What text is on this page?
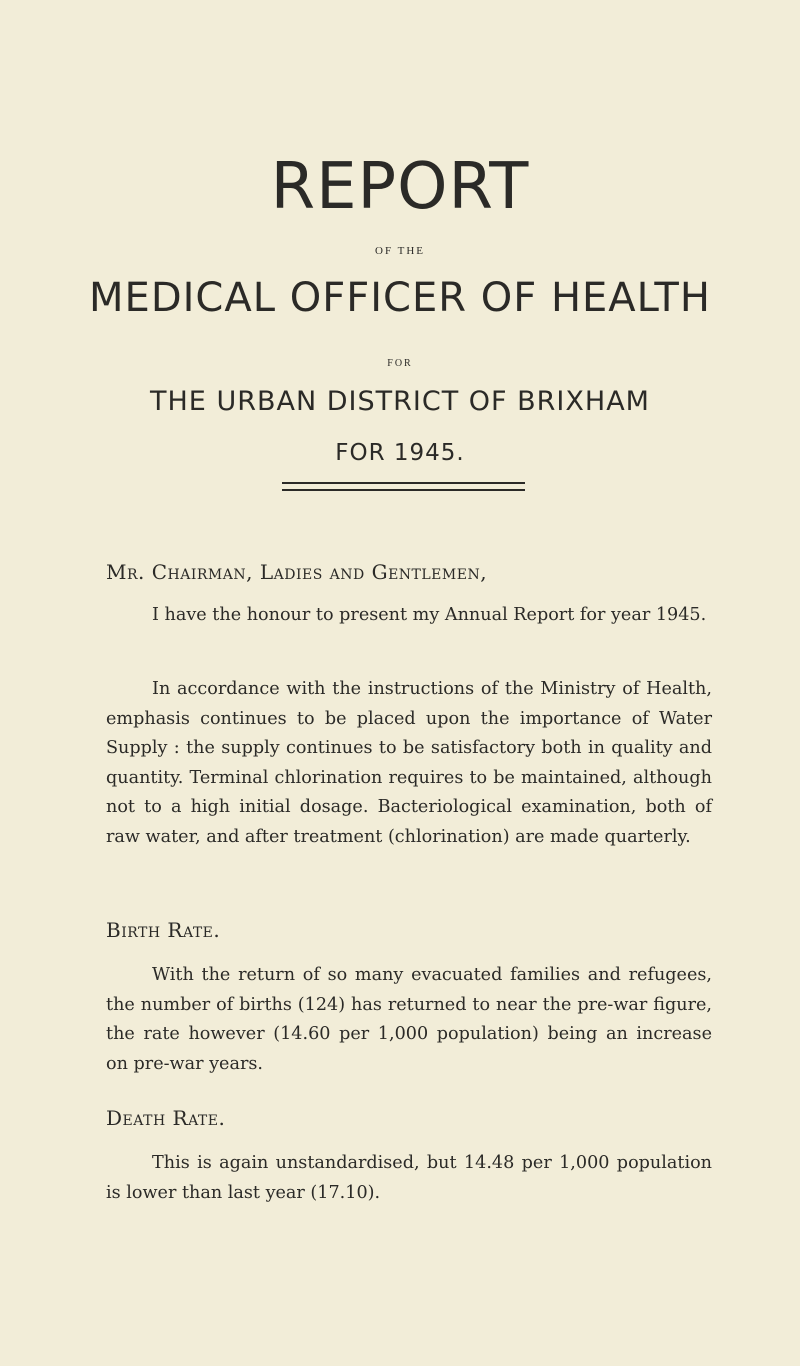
REPORT
OF THE
MEDICAL OFFICER OF HEALTH
FOR
THE URBAN DISTRICT OF BRIXHAM
FOR 1945.
Mr. Chairman, Ladies and Gentlemen,
I have the honour to present my Annual Report for year 1945.
In accordance with the instructions of the Ministry of Health, emphasis continues to be placed upon the importance of Water Supply : the supply continues to be satisfactory both in quality and quantity. Terminal chlorination requires to be maintained, although not to a high initial dosage. Bacteriological examination, both of raw water, and after treatment (chlorination) are made quarterly.
Birth Rate.
With the return of so many evacuated families and refugees, the number of births (124) has returned to near the pre-war figure, the rate however (14.60 per 1,000 population) being an increase on pre-war years.
Death Rate.
This is again unstandardised, but 14.48 per 1,000 population is lower than last year (17.10).
